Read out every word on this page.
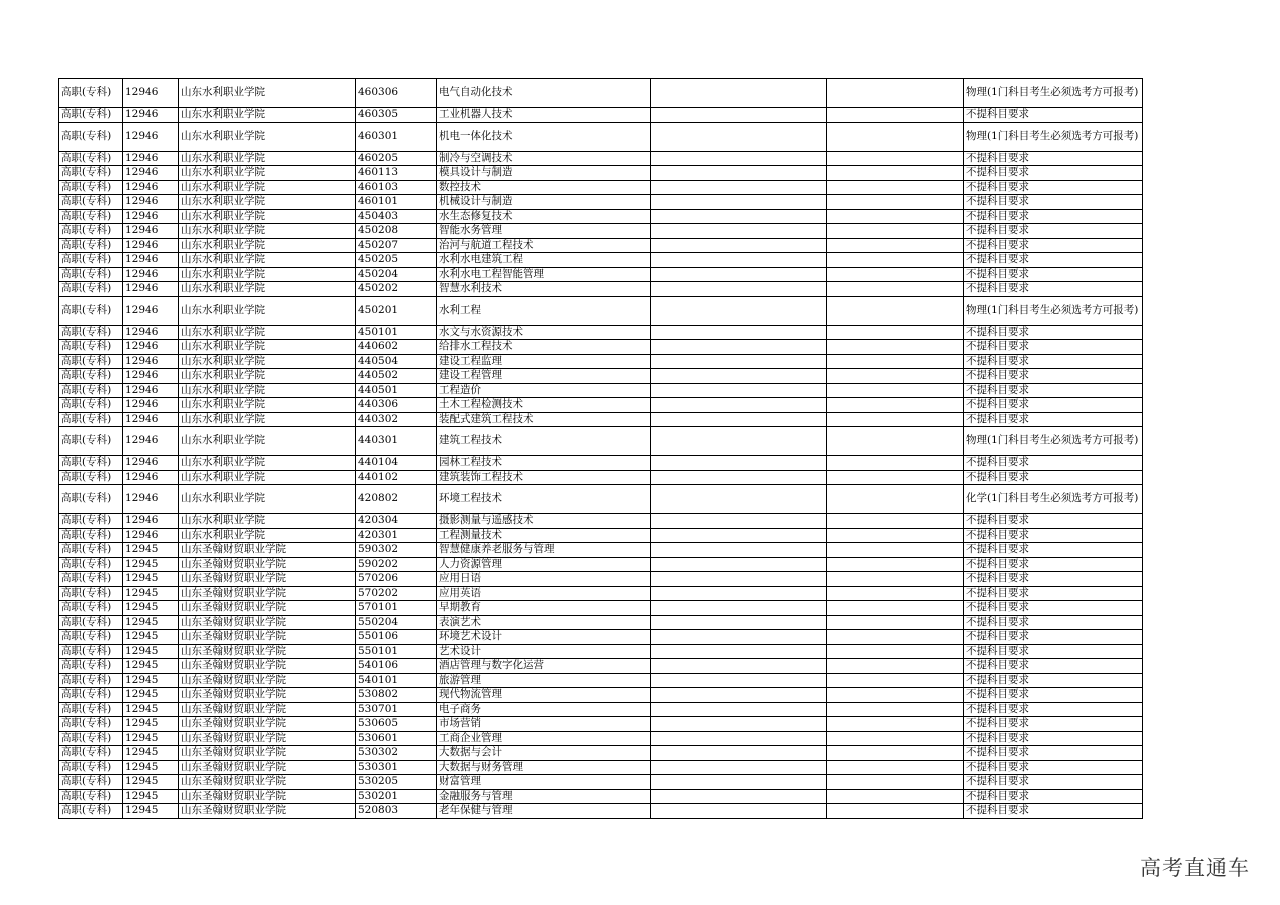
高职(专科)	12946	山东水利职业学院	460306	电气自动化技术			物理(1门科目考生必须选考方可报考)
高职(专科)	12946	山东水利职业学院	460305	工业机器人技术			不提科目要求
高职(专科)	12946	山东水利职业学院	460301	机电一体化技术			物理(1门科目考生必须选考方可报考)
高职(专科)	12946	山东水利职业学院	460205	制冷与空调技术			不提科目要求
高职(专科)	12946	山东水利职业学院	460113	模具设计与制造			不提科目要求
高职(专科)	12946	山东水利职业学院	460103	数控技术			不提科目要求
高职(专科)	12946	山东水利职业学院	460101	机械设计与制造			不提科目要求
高职(专科)	12946	山东水利职业学院	450403	水生态修复技术			不提科目要求
高职(专科)	12946	山东水利职业学院	450208	智能水务管理			不提科目要求
高职(专科)	12946	山东水利职业学院	450207	治河与航道工程技术			不提科目要求
高职(专科)	12946	山东水利职业学院	450205	水利水电建筑工程			不提科目要求
高职(专科)	12946	山东水利职业学院	450204	水利水电工程智能管理			不提科目要求
高职(专科)	12946	山东水利职业学院	450202	智慧水利技术			不提科目要求
高职(专科)	12946	山东水利职业学院	450201	水利工程			物理(1门科目考生必须选考方可报考)
高职(专科)	12946	山东水利职业学院	450101	水文与水资源技术			不提科目要求
高职(专科)	12946	山东水利职业学院	440602	给排水工程技术			不提科目要求
高职(专科)	12946	山东水利职业学院	440504	建设工程监理			不提科目要求
高职(专科)	12946	山东水利职业学院	440502	建设工程管理			不提科目要求
高职(专科)	12946	山东水利职业学院	440501	工程造价			不提科目要求
高职(专科)	12946	山东水利职业学院	440306	土木工程检测技术			不提科目要求
高职(专科)	12946	山东水利职业学院	440302	装配式建筑工程技术			不提科目要求
高职(专科)	12946	山东水利职业学院	440301	建筑工程技术			物理(1门科目考生必须选考方可报考)
高职(专科)	12946	山东水利职业学院	440104	园林工程技术			不提科目要求
高职(专科)	12946	山东水利职业学院	440102	建筑装饰工程技术			不提科目要求
高职(专科)	12946	山东水利职业学院	420802	环境工程技术			化学(1门科目考生必须选考方可报考)
高职(专科)	12946	山东水利职业学院	420304	摄影测量与遥感技术			不提科目要求
高职(专科)	12946	山东水利职业学院	420301	工程测量技术			不提科目要求
高职(专科)	12945	山东圣翰财贸职业学院	590302	智慧健康养老服务与管理			不提科目要求
高职(专科)	12945	山东圣翰财贸职业学院	590202	人力资源管理			不提科目要求
高职(专科)	12945	山东圣翰财贸职业学院	570206	应用日语			不提科目要求
高职(专科)	12945	山东圣翰财贸职业学院	570202	应用英语			不提科目要求
高职(专科)	12945	山东圣翰财贸职业学院	570101	早期教育			不提科目要求
高职(专科)	12945	山东圣翰财贸职业学院	550204	表演艺术			不提科目要求
高职(专科)	12945	山东圣翰财贸职业学院	550106	环境艺术设计			不提科目要求
高职(专科)	12945	山东圣翰财贸职业学院	550101	艺术设计			不提科目要求
高职(专科)	12945	山东圣翰财贸职业学院	540106	酒店管理与数字化运营			不提科目要求
高职(专科)	12945	山东圣翰财贸职业学院	540101	旅游管理			不提科目要求
高职(专科)	12945	山东圣翰财贸职业学院	530802	现代物流管理			不提科目要求
高职(专科)	12945	山东圣翰财贸职业学院	530701	电子商务			不提科目要求
高职(专科)	12945	山东圣翰财贸职业学院	530605	市场营销			不提科目要求
高职(专科)	12945	山东圣翰财贸职业学院	530601	工商企业管理			不提科目要求
高职(专科)	12945	山东圣翰财贸职业学院	530302	大数据与会计			不提科目要求
高职(专科)	12945	山东圣翰财贸职业学院	530301	大数据与财务管理			不提科目要求
高职(专科)	12945	山东圣翰财贸职业学院	530205	财富管理			不提科目要求
高职(专科)	12945	山东圣翰财贸职业学院	530201	金融服务与管理			不提科目要求
高职(专科)	12945	山东圣翰财贸职业学院	520803	老年保健与管理			不提科目要求
高考直通车
